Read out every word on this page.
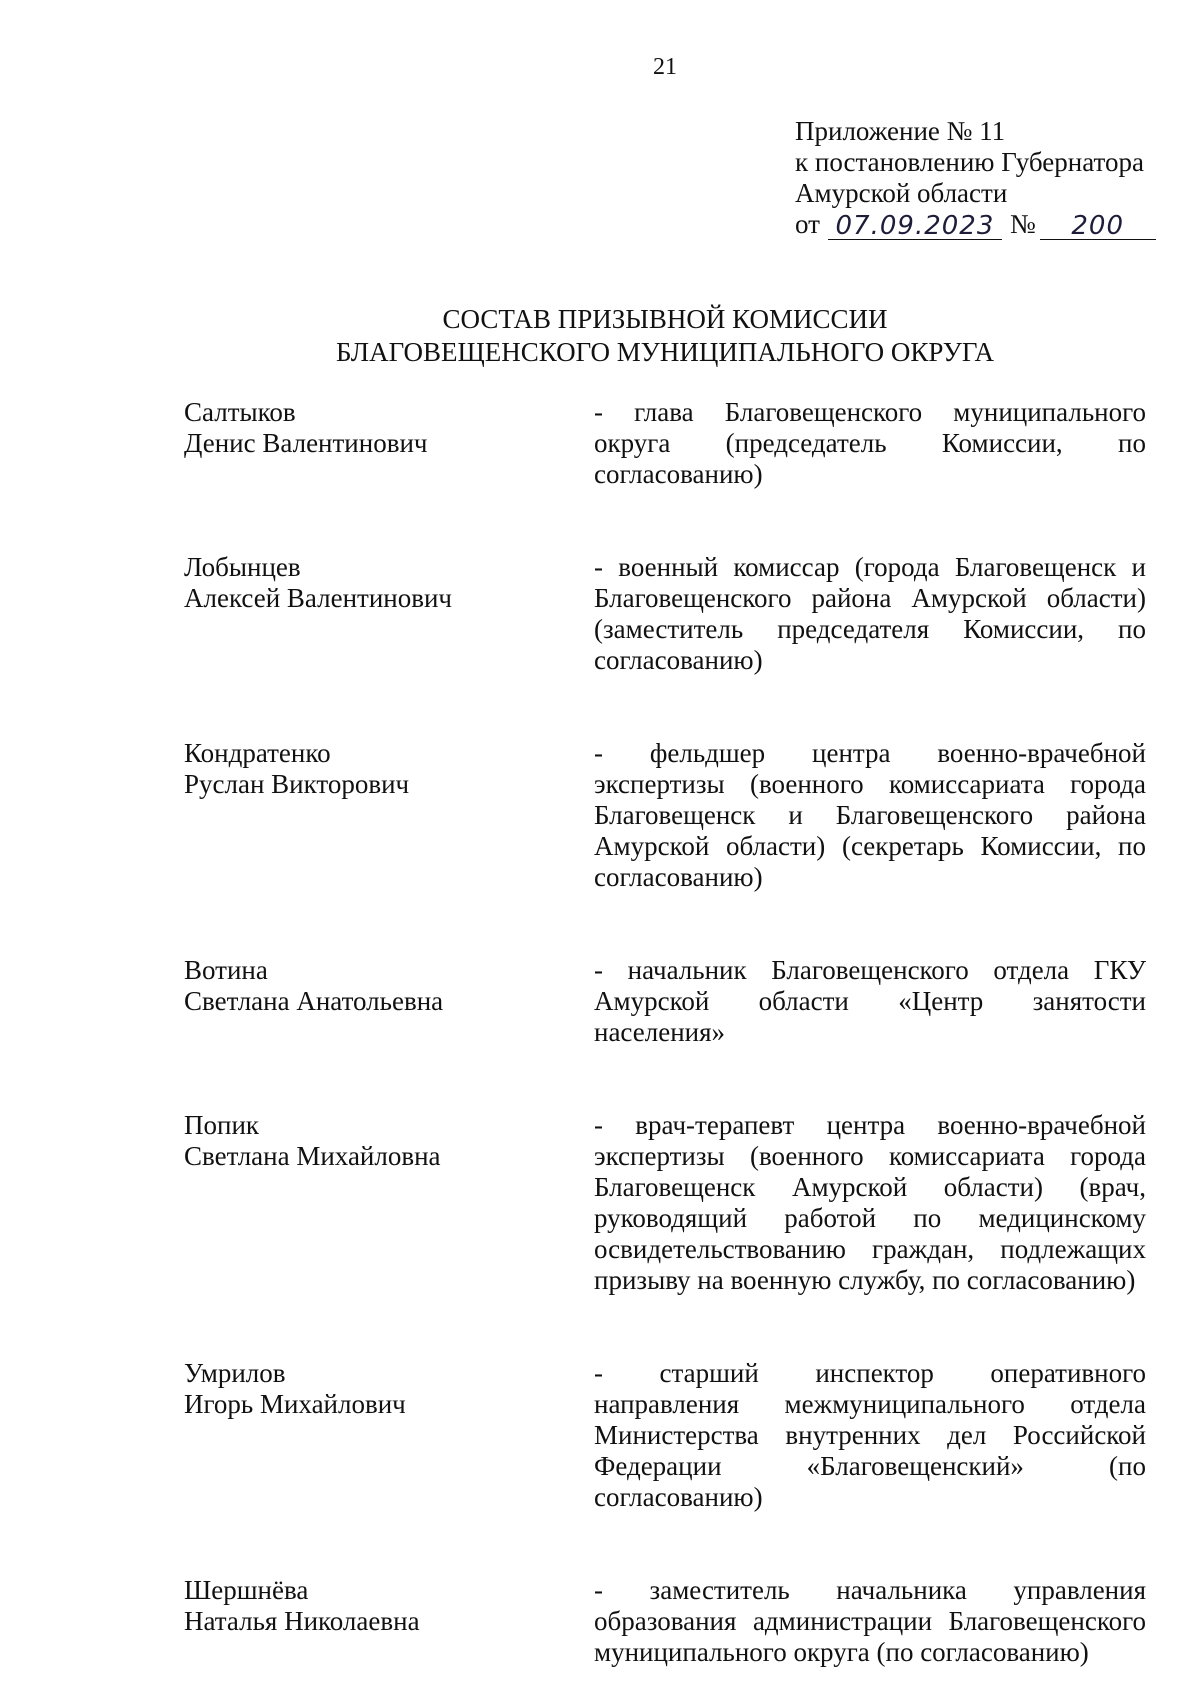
21
Приложение № 11
к постановлению Губернатора
Амурской области
от 07.09.2023 №	200
СОСТАВ ПРИЗЫВНОЙ КОМИССИИ
БЛАГОВЕЩЕНСКОГО МУНИЦИПАЛЬНОГО ОКРУГА
Салтыков
Денис Валентинович
- глава Благовещенского муниципального округа (председатель Комиссии, по согласованию)
Лобынцев
Алексей Валентинович
- военный комиссар (города Благовещенск и Благовещенского района Амурской области) (заместитель председателя Комиссии, по согласованию)
Кондратенко
Руслан Викторович
- фельдшер центра военно-врачебной экспертизы (военного комиссариата города Благовещенск и Благовещенского района Амурской области) (секретарь Комиссии, по согласованию)
Вотина
Светлана Анатольевна
- начальник Благовещенского отдела ГКУ Амурской области «Центр занятости населения»
Попик
Светлана Михайловна
- врач-терапевт центра военно-врачебной экспертизы (военного комиссариата города Благовещенск Амурской области) (врач, руководящий работой по медицинскому освидетельствованию граждан, подлежащих призыву на военную службу, по согласованию)
Умрилов
Игорь Михайлович
- старший инспектор оперативного направления межмуниципального отдела Министерства внутренних дел Российской Федерации «Благовещенский» (по согласованию)
Шершнёва
Наталья Николаевна
- заместитель начальника управления образования администрации Благовещенского муниципального округа (по согласованию)
